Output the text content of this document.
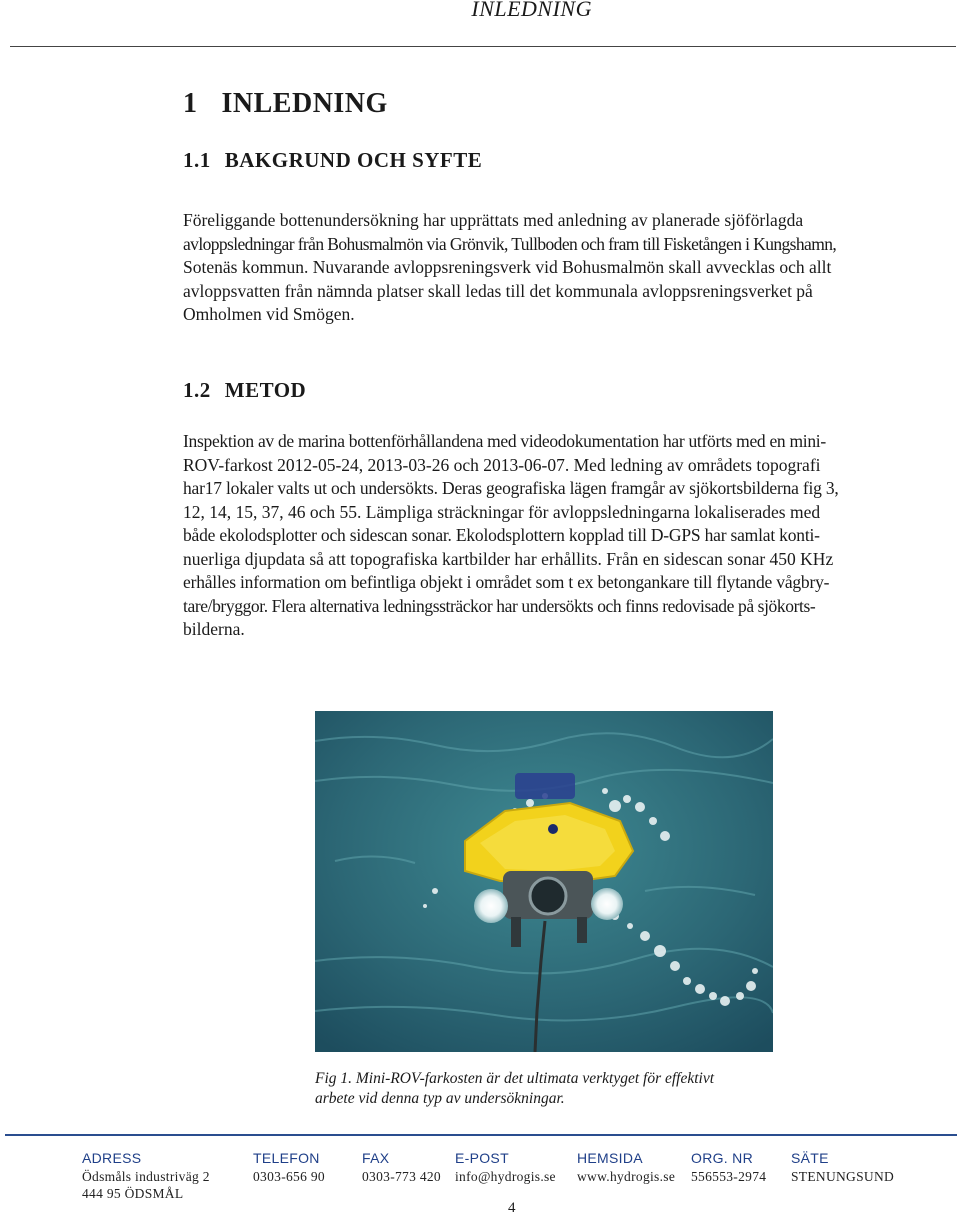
INLEDNING
1 INLEDNING
1.1 BAKGRUND OCH SYFTE
Föreliggande bottenundersökning har upprättats med anledning av planerade sjöförlagda
avloppsledningar från Bohusmalmön via Grönvik, Tullboden och fram till Fisketången i Kungshamn,
Sotenäs kommun. Nuvarande avloppsreningsverk vid Bohusmalmön skall avvecklas och allt
avloppsvatten från nämnda platser skall ledas till det kommunala avloppsreningsverket på
Omholmen vid Smögen.
1.2 METOD
Inspektion av de marina bottenförhållandena med videodokumentation har utförts med en mini-
ROV-farkost 2012-05-24, 2013-03-26 och 2013-06-07. Med ledning av områdets topografi
har17 lokaler valts ut och undersökts. Deras geografiska lägen framgår av sjökortsbilderna fig 3,
12, 14, 15, 37, 46 och 55. Lämpliga sträckningar för avloppsledningarna lokaliserades med
både ekolodsplotter och sidescan sonar. Ekolodsplottern kopplad till D-GPS har samlat konti-
nuerliga djupdata så att topografiska kartbilder har erhållits. Från en sidescan sonar 450 KHz
erhålles information om befintliga objekt i området som t ex betongankare till flytande vågbry-
tare/bryggor. Flera alternativa ledningssträckor har undersökts och finns redovisade på sjökorts-
bilderna.
Fig 1. Mini-ROV-farkosten är det ultimata verktyget för effektivt
arbete vid denna typ av undersökningar.
ADRESS
Ödsmåls industriväg 2
444 95 ÖDSMÅL
TELEFON
0303-656 90
FAX
0303-773 420
E-POST
info@hydrogis.se
HEMSIDA
www.hydrogis.se
ORG. NR
556553-2974
SÄTE
STENUNGSUND
4
